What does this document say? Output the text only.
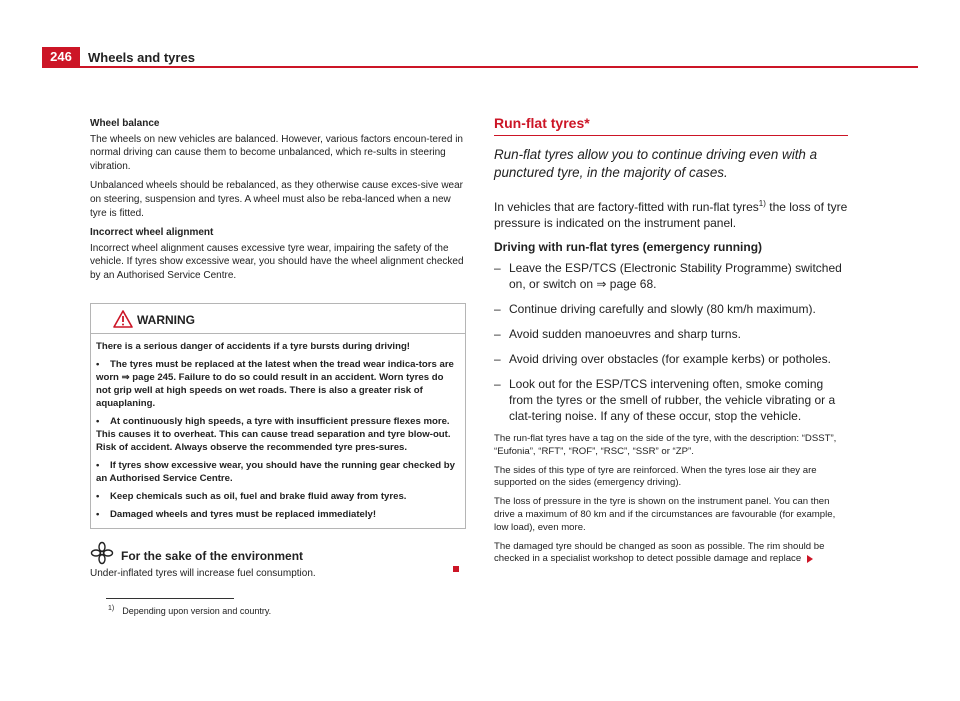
246	Wheels and tyres

Wheel balance

The wheels on new vehicles are balanced. However, various factors encoun-tered in normal driving can cause them to become unbalanced, which re-sults in steering vibration.

Unbalanced wheels should be rebalanced, as they otherwise cause exces-sive wear on steering, suspension and tyres. A wheel must also be reba-lanced when a new tyre is fitted.

Incorrect wheel alignment

Incorrect wheel alignment causes excessive tyre wear, impairing the safety of the vehicle. If tyres show excessive wear, you should have the wheel alignment checked by an Authorised Service Centre.

WARNING

There is a serious danger of accidents if a tyre bursts during driving!

• The tyres must be replaced at the latest when the tread wear indica-tors are worn ⇒ page 245. Failure to do so could result in an accident. Worn tyres do not grip well at high speeds on wet roads. There is also a greater risk of aquaplaning.

• At continuously high speeds, a tyre with insufficient pressure flexes more. This causes it to overheat. This can cause tread separation and tyre blow-out. Risk of accident. Always observe the recommended tyre pres-sures.

• If tyres show excessive wear, you should have the running gear checked by an Authorised Service Centre.

• Keep chemicals such as oil, fuel and brake fluid away from tyres.

• Damaged wheels and tyres must be replaced immediately!

For the sake of the environment
Under-inflated tyres will increase fuel consumption.
Run-flat tyres*
Run-flat tyres allow you to continue driving even with a punctured tyre, in the majority of cases.

In vehicles that are factory-fitted with run-flat tyres$^{1)}$ the loss of tyre pressure is indicated on the instrument panel.

Driving with run-flat tyres (emergency running)
– Leave the ESP/TCS (Electronic Stability Programme) switched on, or switch on ⇒ page 68.
– Continue driving carefully and slowly (80 km/h maximum).
– Avoid sudden manoeuvres and sharp turns.
– Avoid driving over obstacles (for example kerbs) or potholes.
– Look out for the ESP/TCS intervening often, smoke coming from the tyres or the smell of rubber, the vehicle vibrating or a clat-tering noise. If any of these occur, stop the vehicle.

The run-flat tyres have a tag on the side of the tyre, with the description: “DSST”, “Eufonia”, “RFT”, “ROF”, “RSC”, “SSR” or “ZP”.

The sides of this type of tyre are reinforced. When the tyres lose air they are supported on the sides (emergency driving).

The loss of pressure in the tyre is shown on the instrument panel. You can then drive a maximum of 80 km and if the circumstances are favourable (for example, low load), even more.

The damaged tyre should be changed as soon as possible. The rim should be checked in a specialist workshop to detect possible damage and replace

$^{1)}$ Depending upon version and country.
